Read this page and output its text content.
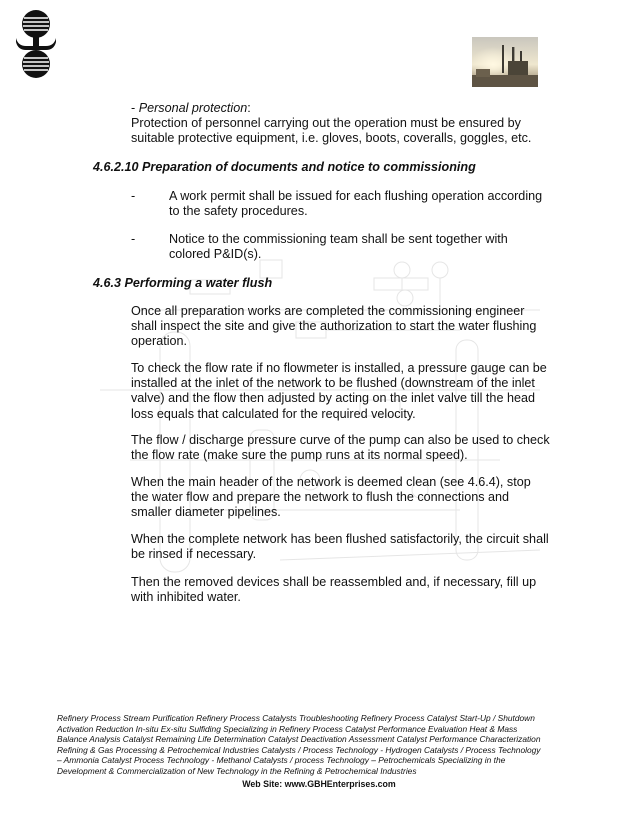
- Personal protection:

Protection of personnel carrying out the operation must be ensured by suitable protective equipment, i.e. gloves, boots, coveralls, goggles, etc.

4.6.2.10 Preparation of documents and notice to commissioning

-	A work permit shall be issued for each flushing operation according to the safety procedures.

-	Notice to the commissioning team shall be sent together with colored P&ID(s).

4.6.3 Performing a water flush

Once all preparation works are completed the commissioning engineer shall inspect the site and give the authorization to start the water flushing operation.

To check the flow rate if no flowmeter is installed, a pressure gauge can be installed at the inlet of the network to be flushed (downstream of the inlet valve) and the flow then adjusted by acting on the inlet valve till the head loss equals that calculated for the required velocity.

The flow / discharge pressure curve of the pump can also be used to check the flow rate (make sure the pump runs at its normal speed).

When the main header of the network is deemed clean (see 4.6.4), stop the water flow and prepare the network to flush the connections and smaller diameter pipelines.

When the complete network has been flushed satisfactorily, the circuit shall be rinsed if necessary.

Then the removed devices shall be reassembled and, if necessary, fill up with inhibited water.

Refinery Process Stream Purification Refinery Process Catalysts Troubleshooting Refinery Process Catalyst Start-Up / Shutdown Activation Reduction In-situ Ex-situ Sulfiding Specializing in Refinery Process Catalyst Performance Evaluation Heat & Mass Balance Analysis Catalyst Remaining Life Determination Catalyst Deactivation Assessment Catalyst Performance Characterization Refining & Gas Processing & Petrochemical Industries Catalysts / Process Technology - Hydrogen Catalysts / Process Technology – Ammonia Catalyst Process Technology - Methanol Catalysts / process Technology – Petrochemicals Specializing in the Development & Commercialization of New Technology in the Refining & Petrochemical Industries

Web Site: www.GBHEnterprises.com
